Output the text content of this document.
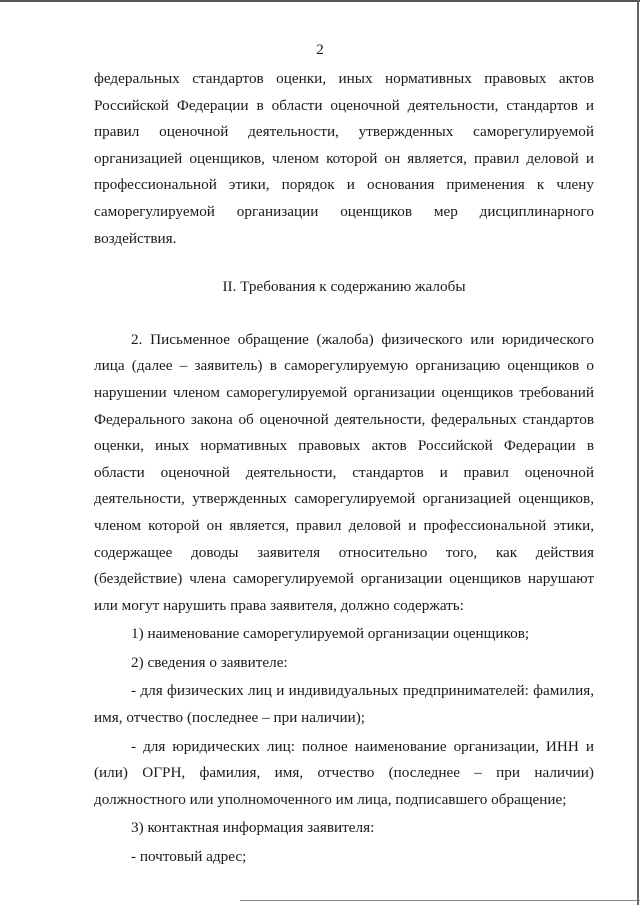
2

федеральных стандартов оценки, иных нормативных правовых актов Российской Федерации в области оценочной деятельности, стандартов и правил оценочной деятельности, утвержденных саморегулируемой организацией оценщиков, членом которой он является, правил деловой и профессиональной этики, порядок и основания применения к члену саморегулируемой организации оценщиков мер дисциплинарного воздействия.

II. Требования к содержанию жалобы

2. Письменное обращение (жалоба) физического или юридического лица (далее – заявитель) в саморегулируемую организацию оценщиков о нарушении членом саморегулируемой организации оценщиков требований Федерального закона об оценочной деятельности, федеральных стандартов оценки, иных нормативных правовых актов Российской Федерации в области оценочной деятельности, стандартов и правил оценочной деятельности, утвержденных саморегулируемой организацией оценщиков, членом которой он является, правил деловой и профессиональной этики, содержащее доводы заявителя относительно того, как действия (бездействие) члена саморегулируемой организации оценщиков нарушают или могут нарушить права заявителя, должно содержать:

1) наименование саморегулируемой организации оценщиков;

2) сведения о заявителе:

- для физических лиц и индивидуальных предпринимателей: фамилия, имя, отчество (последнее – при наличии);

- для юридических лиц: полное наименование организации, ИНН и (или) ОГРН, фамилия, имя, отчество (последнее – при наличии) должностного или уполномоченного им лица, подписавшего обращение;

3) контактная информация заявителя:

- почтовый адрес;
